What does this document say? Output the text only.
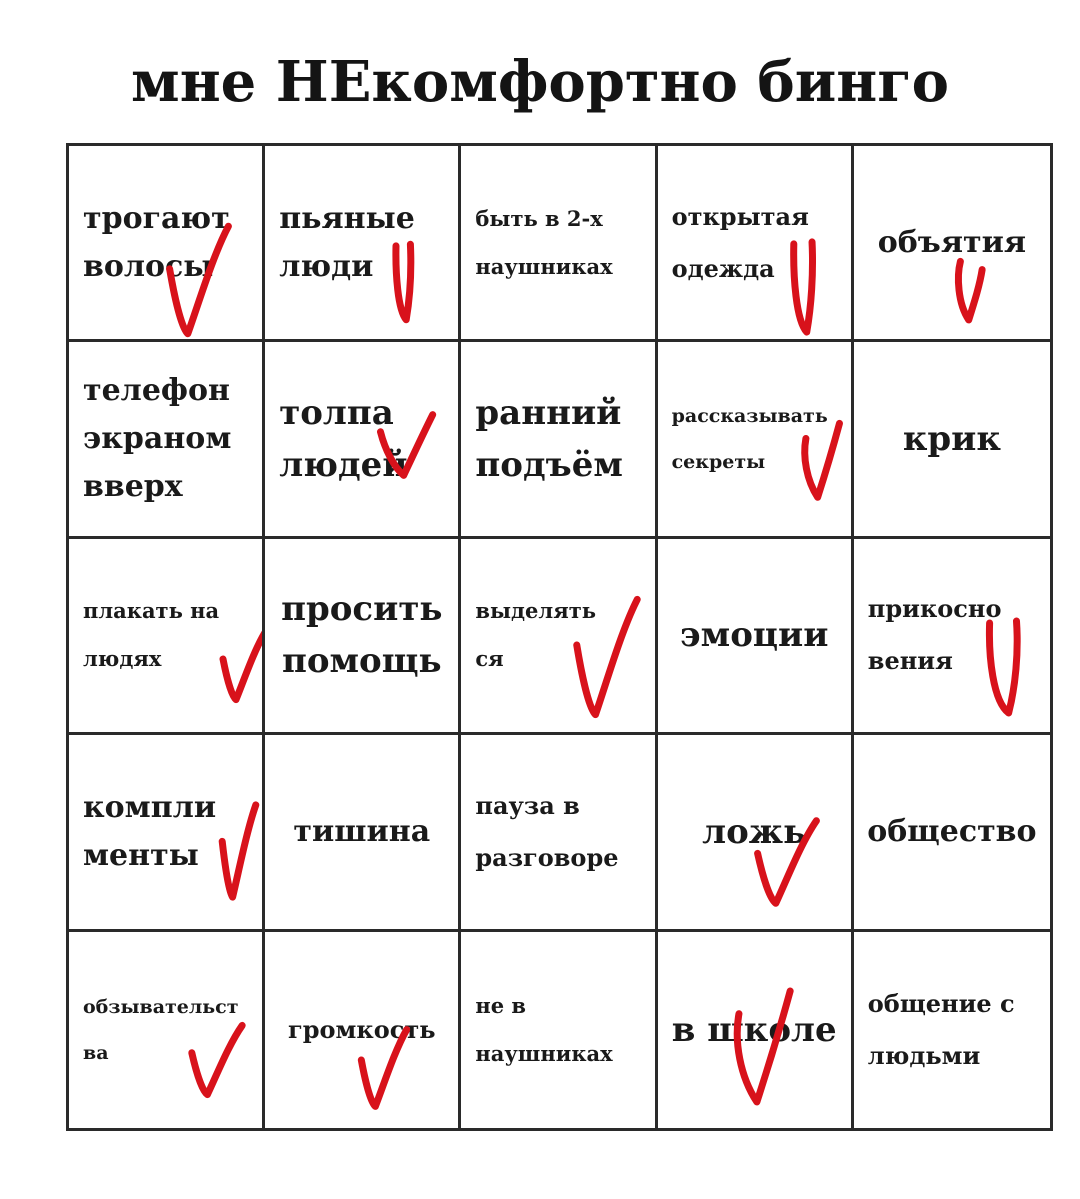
мне НЕкомфортно бинго
трогают
волосы
пьяные
люди
быть в 2-х
наушниках
открытая
одежда
объятия
телефон
экраном
вверх
толпа
людей
ранний
подъём
рассказывать
секреты
крик
плакать на
людях
просить
помощь
выделять
ся
эмоции
прикосно
вения
компли
менты
тишина
пауза в
разговоре
ложь общество
обзывательст
ва
громкость
не в
наушниках
в школе
общение с
людьми
